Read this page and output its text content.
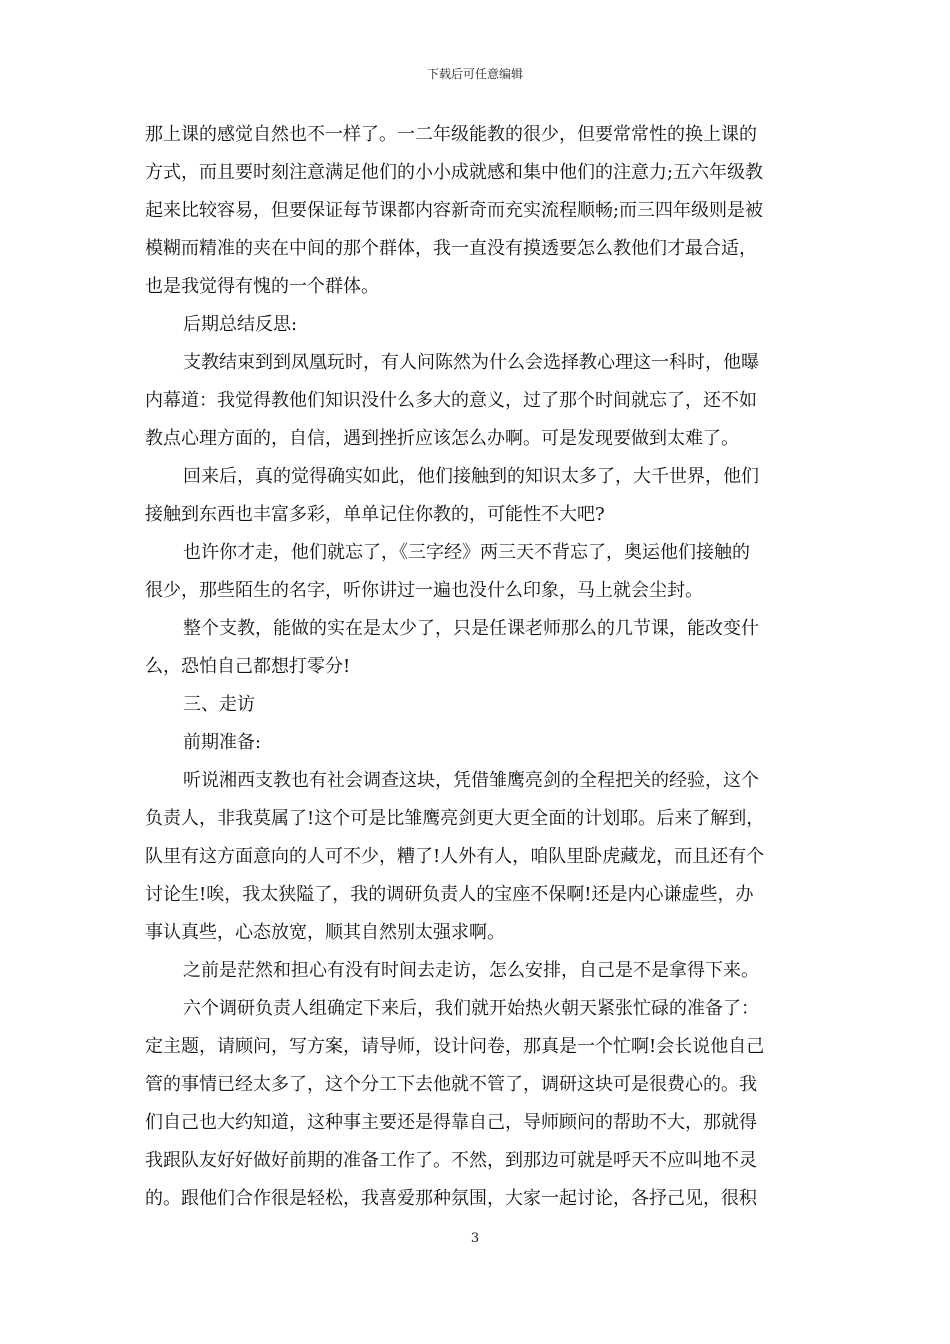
下载后可任意编辑
那上课的感觉自然也不一样了。一二年级能教的很少，但要常常性的换上课的
方式，而且要时刻注意满足他们的小小成就感和集中他们的注意力;五六年级教
起来比较容易，但要保证每节课都内容新奇而充实流程顺畅;而三四年级则是被
模糊而精准的夹在中间的那个群体，我一直没有摸透要怎么教他们才最合适，
也是我觉得有愧的一个群体。
后期总结反思:
支教结束到到凤凰玩时，有人问陈然为什么会选择教心理这一科时，他曝
内幕道：我觉得教他们知识没什么多大的意义，过了那个时间就忘了，还不如
教点心理方面的，自信，遇到挫折应该怎么办啊。可是发现要做到太难了。
回来后，真的觉得确实如此，他们接触到的知识太多了，大千世界，他们
接触到东西也丰富多彩，单单记住你教的，可能性不大吧?
也许你才走，他们就忘了，《三字经》两三天不背忘了，奥运他们接触的
很少，那些陌生的名字，听你讲过一遍也没什么印象，马上就会尘封。
整个支教，能做的实在是太少了，只是任课老师那么的几节课，能改变什
么，恐怕自己都想打零分!
三、走访
前期准备:
听说湘西支教也有社会调查这块，凭借雏鹰亮剑的全程把关的经验，这个
负责人，非我莫属了!这个可是比雏鹰亮剑更大更全面的计划耶。后来了解到，
队里有这方面意向的人可不少，糟了!人外有人，咱队里卧虎藏龙，而且还有个
讨论生!唉，我太狭隘了，我的调研负责人的宝座不保啊!还是内心谦虚些，办
事认真些，心态放宽，顺其自然别太强求啊。
之前是茫然和担心有没有时间去走访，怎么安排，自己是不是拿得下来。
六个调研负责人组确定下来后，我们就开始热火朝天紧张忙碌的准备了：
定主题，请顾问，写方案，请导师，设计问卷，那真是一个忙啊!会长说他自己
管的事情已经太多了，这个分工下去他就不管了，调研这块可是很费心的。我
们自己也大约知道，这种事主要还是得靠自己，导师顾问的帮助不大，那就得
我跟队友好好做好前期的准备工作了。不然，到那边可就是呼天不应叫地不灵
的。跟他们合作很是轻松，我喜爱那种氛围，大家一起讨论，各抒己见，很积
3
